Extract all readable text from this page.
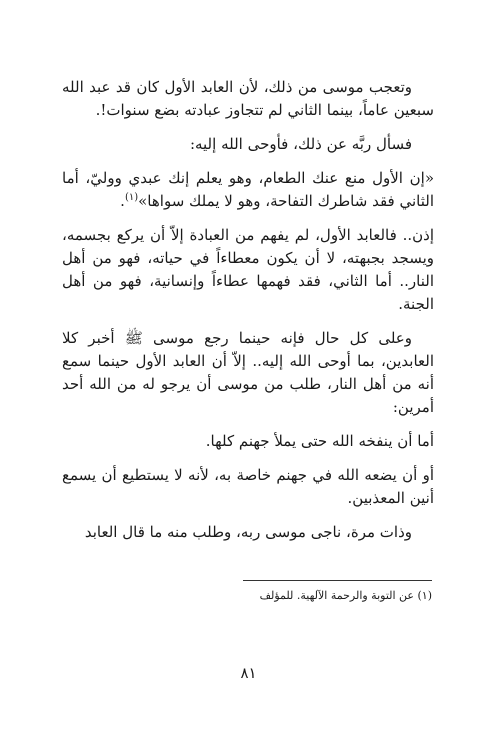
وتعجب موسى من ذلك، لأن العابد الأول كان قد عبد الله سبعين عاماً، بينما الثاني لم تتجاوز عبادته بضع سنوات!.

فسأل ربَّه عن ذلك، فأوحى الله إليه:

«إن الأول منع عنك الطعام، وهو يعلم إنك عبدي ووليّ، أما الثاني فقد شاطرك التفاحة، وهو لا يملك سواها»$^{(١)}$.

إذن.. فالعابد الأول، لم يفهم من العبادة إلاّ أن يركع بجسمه، ويسجد بجبهته، لا أن يكون معطاءاً في حياته، فهو من أهل النار.. أما الثاني، فقد فهمها عطاءاً وإنسانية، فهو من أهل الجنة.

وعلى كل حال فإنه حينما رجع موسى ﷺ أخبر كلا العابدين، بما أوحى الله إليه.. إلاّ أن العابد الأول حينما سمع أنه من أهل النار، طلب من موسى أن يرجو له من الله أحد أمرين:

أما أن ينفخه الله حتى يملأ جهنم كلها.

أو أن يضعه الله في جهنم خاصة به، لأنه لا يستطيع أن يسمع أنين المعذبين.

وذات مرة، ناجى موسى ربه، وطلب منه ما قال العابد

(١) عن التوبة والرحمة الآلهية. للمؤلف
٨١
